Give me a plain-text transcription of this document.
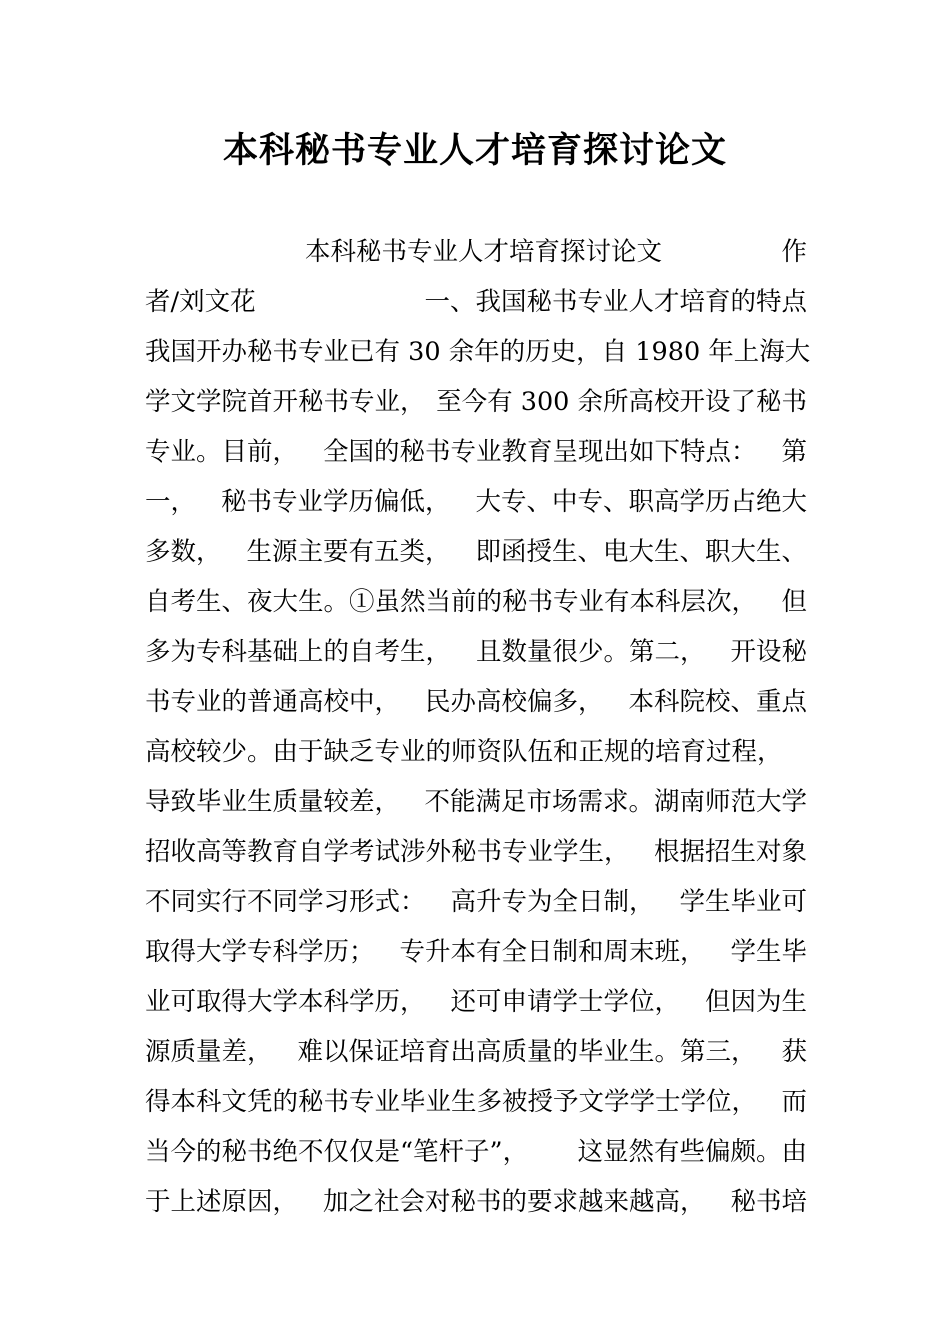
本科秘书专业人才培育探讨论文
本科秘书专业人才培育探讨论文	作
者/刘文花	一、我国秘书专业人才培育的特点
我国开办秘书专业已有 30 余年的历史，自 1980 年上海大
学文学院首开秘书专业， 至今有 300 余所高校开设了秘书
专业。目前， 全国的秘书专业教育呈现出如下特点： 第
一， 秘书专业学历偏低， 大专、中专、职高学历占绝大
多数， 生源主要有五类， 即函授生、电大生、职大生、
自考生、夜大生。①虽然当前的秘书专业有本科层次， 但
多为专科基础上的自考生， 且数量很少。第二， 开设秘
书专业的普通高校中， 民办高校偏多， 本科院校、重点
高校较少。由于缺乏专业的师资队伍和正规的培育过程，
导致毕业生质量较差， 不能满足市场需求。湖南师范大学
招收高等教育自学考试涉外秘书专业学生， 根据招生对象
不同实行不同学习形式： 高升专为全日制， 学生毕业可
取得大学专科学历； 专升本有全日制和周末班， 学生毕
业可取得大学本科学历， 还可申请学士学位， 但因为生
源质量差， 难以保证培育出高质量的毕业生。第三， 获
得本科文凭的秘书专业毕业生多被授予文学学士学位， 而
当今的秘书绝不仅仅是“笔杆子”， 这显然有些偏颇。由
于上述原因， 加之社会对秘书的要求越来越高， 秘书培
